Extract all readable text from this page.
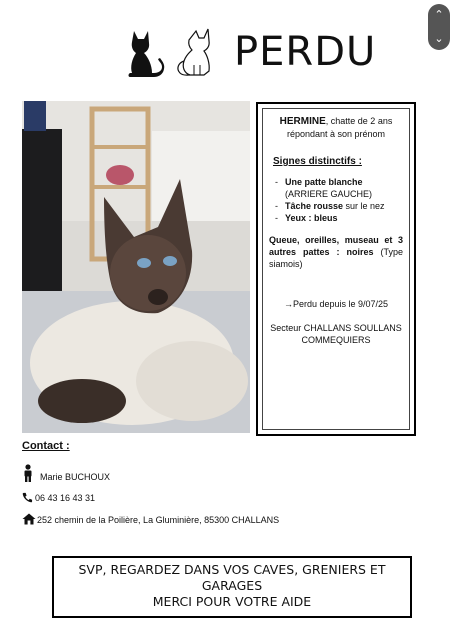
⌃
⌄
PERDU
HERMINE, chatte de 2 ans répondant à son prénom
Signes distinctifs :
- Une patte blanche (ARRIERE GAUCHE)
- Tâche rousse sur le nez
- Yeux : bleus
Queue, oreilles, museau et 3 autres pattes : noires (Type siamois)
→Perdu depuis le 9/07/25
Secteur CHALLANS SOULLANS COMMEQUIERS
Contact :
Marie BUCHOUX
06 43 16 43 31
252 chemin de la Poilière, La Gluminière, 85300 CHALLANS
SVP, REGARDEZ DANS VOS CAVES, GRENIERS ET
GARAGES
MERCI POUR VOTRE AIDE
